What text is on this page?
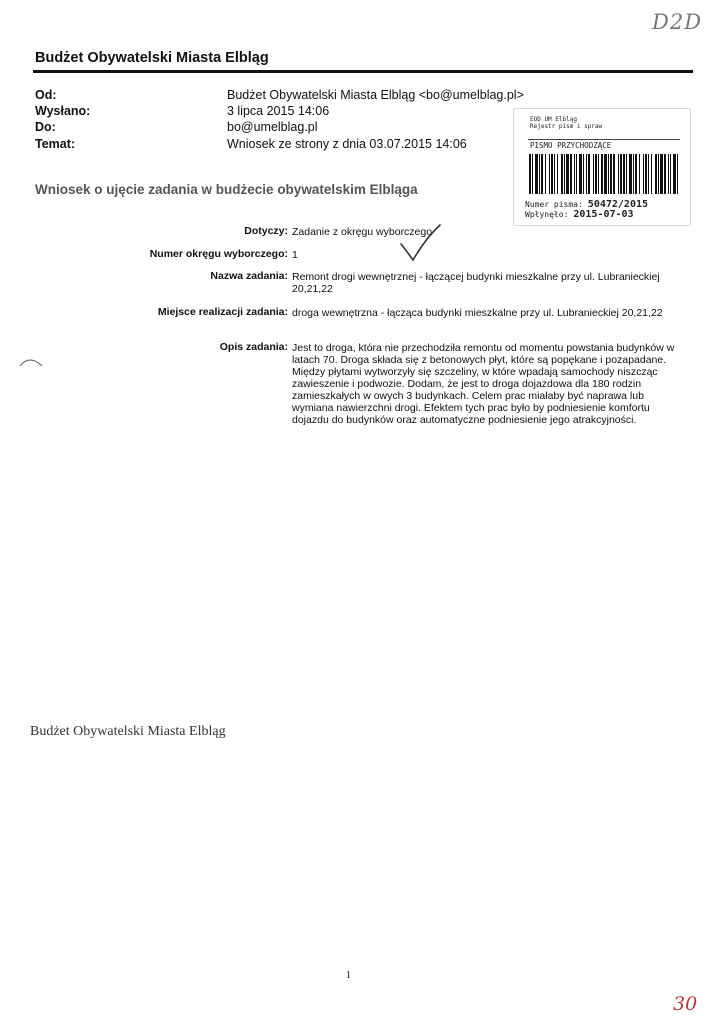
Budżet Obywatelski Miasta Elbląg
Od:	Budżet Obywatelski Miasta Elbląg <bo@umelblag.pl>
Wysłano:	3 lipca 2015 14:06
Do:	bo@umelblag.pl
Temat:	Wniosek ze strony z dnia 03.07.2015 14:06
EOD UM Elbląg
Rejestr pism i spraw
PISMO PRZYCHODZĄCE
Numer pisma: 50472/2015
Wpłynęło: 2015-07-03
Wniosek o ujęcie zadania w budżecie obywatelskim Elbląga
Dotyczy: Zadanie z okręgu wyborczego
Numer okręgu wyborczego: 1
Nazwa zadania: Remont drogi wewnętrznej - łączącej budynki mieszkalne przy ul. Lubranieckiej 20,21,22
Miejsce realizacji zadania: droga wewnętrzna - łącząca budynki mieszkalne przy ul. Lubranieckiej 20,21,22
Opis zadania: Jest to droga, która nie przechodziła remontu od momentu powstania budynków w latach 70. Droga składa się z betonowych płyt, które są popękane i pozapadane. Między płytami wytworzyły się szczeliny, w które wpadają samochody niszcząc zawieszenie i podwozie. Dodam, że jest to droga dojazdowa dla 180 rodzin zamieszkałych w owych 3 budynkach. Celem prac miałaby być naprawa lub wymiana nawierzchni drogi. Efektem tych prac było by podniesienie komfortu dojazdu do budynków oraz automatyczne podniesienie jego atrakcyjności.
Budżet Obywatelski Miasta Elbląg
1
D2D
30
